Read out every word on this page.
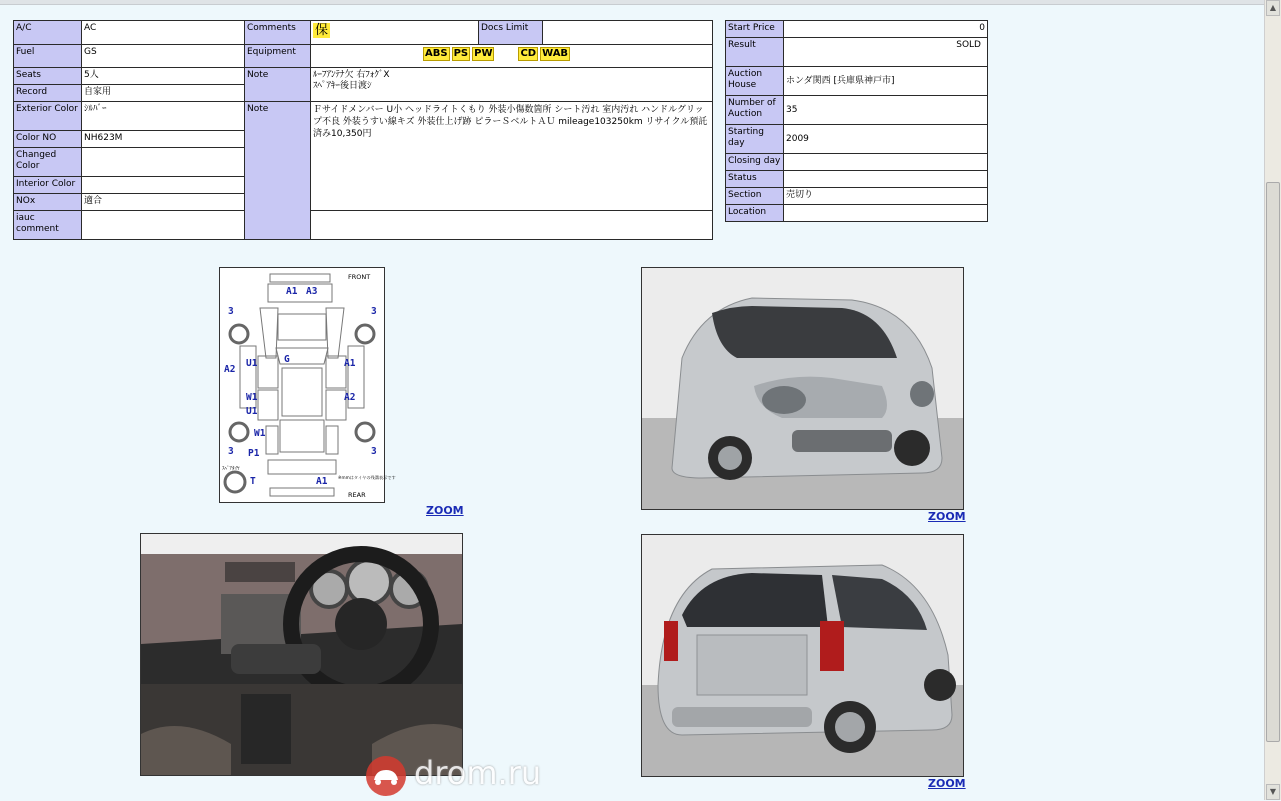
A/C	AC	Comments	保	Docs Limit	
Fuel	GS	Equipment	ABS PS PW CD WAB		
Seats	5人	Note	ﾙｰﾌｱﾝﾃﾅ欠 右ﾌｫｸﾞX
ｽﾍﾟｱｷｰ後日渡ｼ		

Record	自家用				
Exterior Color	ｼﾙﾊﾞｰ	Note	Ｆサイドメンバー U小 ヘッドライトくもり 外装小傷数箇所 シート汚れ 室内汚れ ハンドルグリップ不良 外装うすい線キズ 外装仕上げ跡 ピラーＳベルトＡＵ mileage103250km リサイクル預託済み10,350円		
Color NO	NH623M				
Changed Color					
Interior Color					
NOx	適合				
iauc comment					
Start Price	0
Result	SOLD
Auction House	ホンダ関西 [兵庫県神戸市]
Number of Auction	35
Starting day	2009
Closing day	
Status	
Section	売切り
Location	
FRONT
REAR
ｽﾍﾟｱﾀｲﾔ
※mmはタイヤの残溝表示です
A1 A3
3	3
U1	G	A1
A2
W1
U1
A2
W1
3	3
P1
A1
T
ZOOM	ZOOM
ZOOM
drom.ru
▲
▼
